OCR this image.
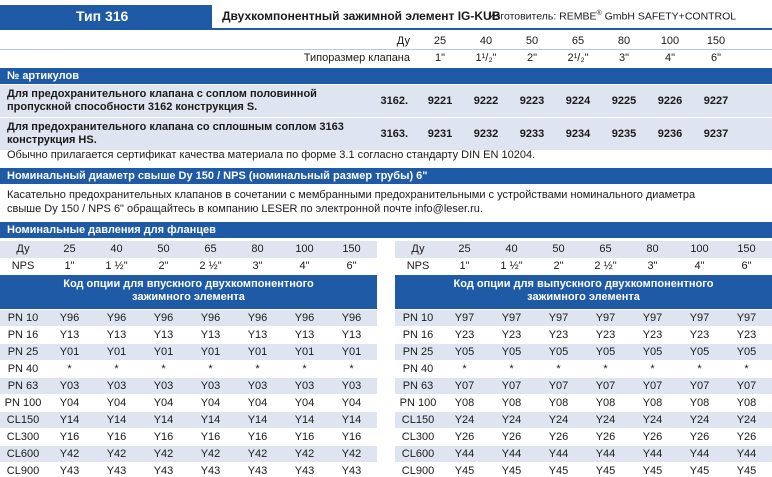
Тип 316	Двухкомпонентный зажимной элемент IG-KUB
Изготовитель: REMBE® GmbH SAFETY+CONTROL
Ду	25	40	50	65	80	100	150
Типоразмер клапана	1"	1¹/₂"	2"	2¹/₂"	3"	4"	6"
№ артикулов
Для предохранительного клапана с соплом половинной пропускной способности 3162 конструкция S.	3162.	9221	9222	9223	9224	9225	9226	9227
Для предохранительного клапана со сплошным соплом 3163 конструкция HS.	3163.	9231	9232	9233	9234	9235	9236	9237
Обычно прилагается сертификат качества материала по форме 3.1 согласно стандарту DIN EN 10204.
Номинальный диаметр свыше Dy 150 / NPS (номинальный размер трубы) 6"
Касательно предохранительных клапанов в сочетании с мембранными предохранительными с устройствами номинального диаметра
свыше Dy 150 / NPS 6" обращайтесь в компанию LESER по электронной почте info@leser.ru.
Номинальные давления для фланцев
Ду	25	40	50	65	80	100	150
NPS	1"	1 ½"	2"	2 ½"	3"	4"	6"
Код опции для впускного двухкомпонентного зажимного элемента
PN 10	Y96	Y96	Y96	Y96	Y96	Y96	Y96
PN 16	Y13	Y13	Y13	Y13	Y13	Y13	Y13
PN 25	Y01	Y01	Y01	Y01	Y01	Y01	Y01
PN 40	*	*	*	*	*	*	*
PN 63	Y03	Y03	Y03	Y03	Y03	Y03	Y03
PN 100	Y04	Y04	Y04	Y04	Y04	Y04	Y04
CL150	Y14	Y14	Y14	Y14	Y14	Y14	Y14
CL300	Y16	Y16	Y16	Y16	Y16	Y16	Y16
CL600	Y42	Y42	Y42	Y42	Y42	Y42	Y42
CL900	Y43	Y43	Y43	Y43	Y43	Y43	Y43
Ду	25	40	50	65	80	100	150
NPS	1"	1 ½"	2"	2 ½"	3"	4"	6"
Код опции для выпускного двухкомпонентного зажимного элемента
PN 10	Y97	Y97	Y97	Y97	Y97	Y97	Y97
PN 16	Y23	Y23	Y23	Y23	Y23	Y23	Y23
PN 25	Y05	Y05	Y05	Y05	Y05	Y05	Y05
PN 40	*	*	*	*	*	*	*
PN 63	Y07	Y07	Y07	Y07	Y07	Y07	Y07
PN 100	Y08	Y08	Y08	Y08	Y08	Y08	Y08
CL150	Y24	Y24	Y24	Y24	Y24	Y24	Y24
CL300	Y26	Y26	Y26	Y26	Y26	Y26	Y26
CL600	Y44	Y44	Y44	Y44	Y44	Y44	Y44
CL900	Y45	Y45	Y45	Y45	Y45	Y45	Y45
